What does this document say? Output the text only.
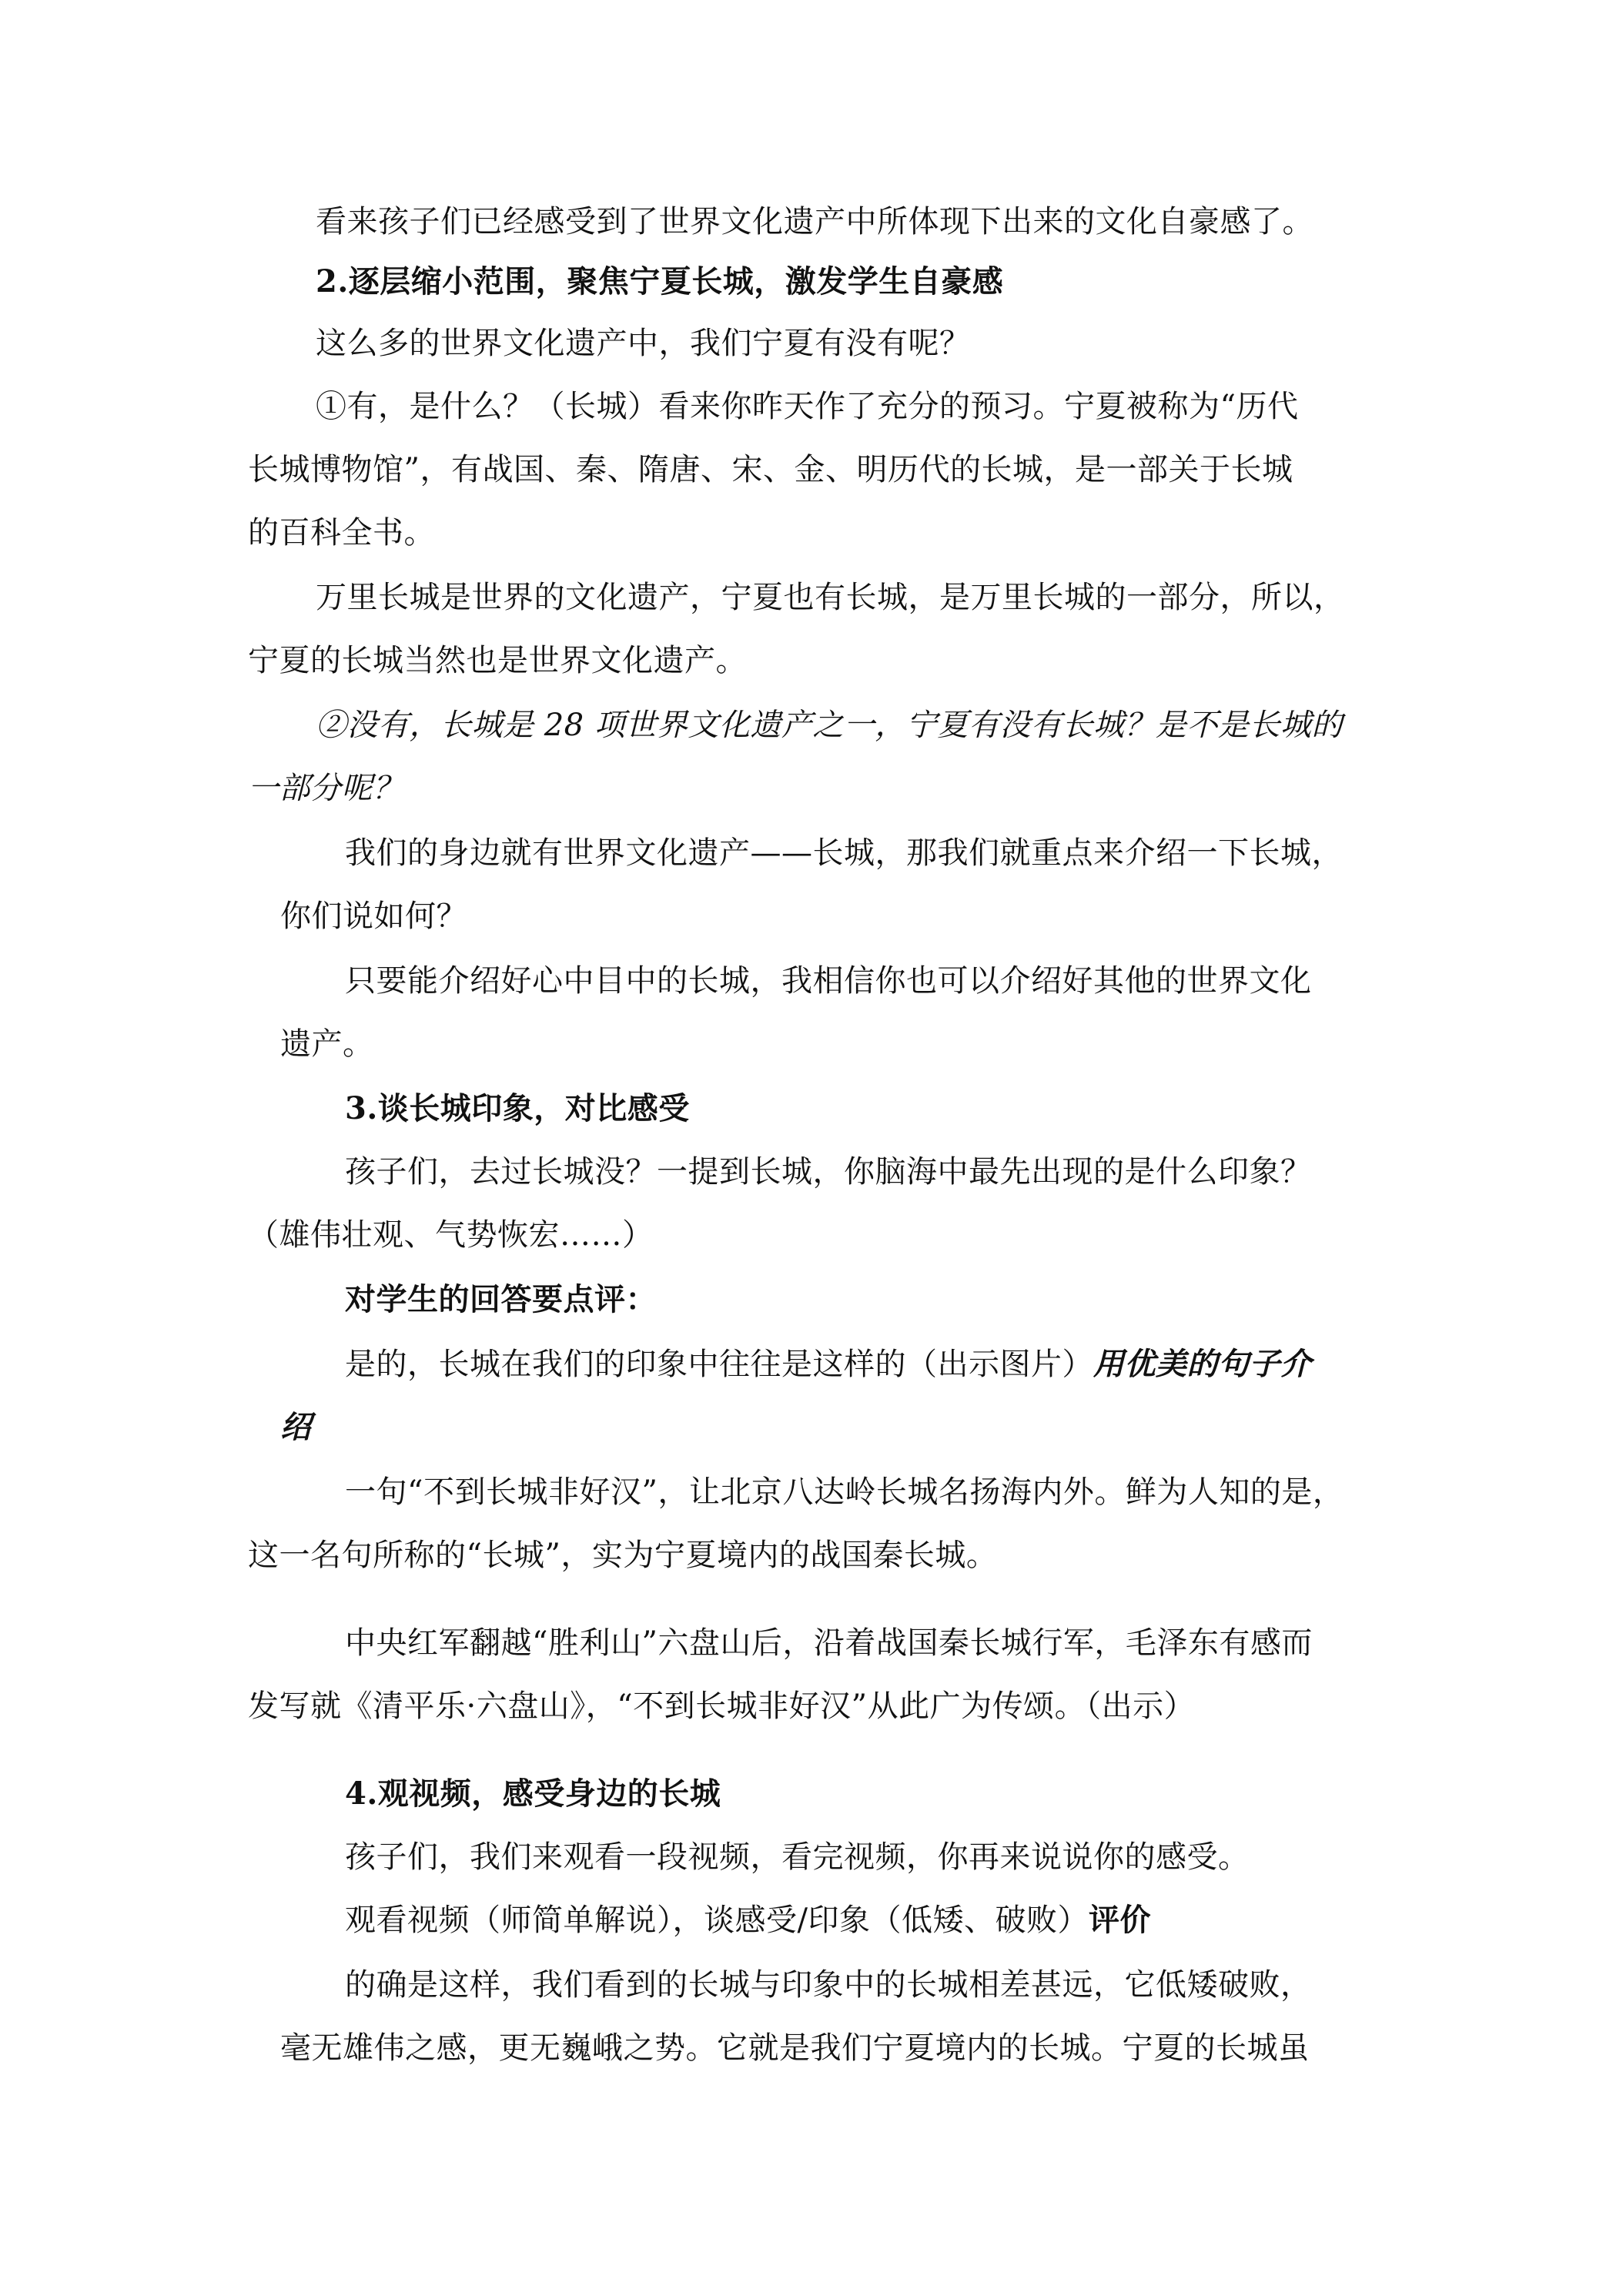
看来孩子们已经感受到了世界文化遗产中所体现下出来的文化自豪感了。
2.逐层缩小范围，聚焦宁夏长城，激发学生自豪感
这么多的世界文化遗产中，我们宁夏有没有呢？
①有，是什么？（长城）看来你昨天作了充分的预习。宁夏被称为“历代
长城博物馆”，有战国、秦、隋唐、宋、金、明历代的长城，是一部关于长城
的百科全书。
万里长城是世界的文化遗产，宁夏也有长城，是万里长城的一部分，所以，
宁夏的长城当然也是世界文化遗产。
②没有，长城是 28 项世界文化遗产之一，宁夏有没有长城？是不是长城的
一部分呢？
我们的身边就有世界文化遗产——长城，那我们就重点来介绍一下长城，
你们说如何？
只要能介绍好心中目中的长城，我相信你也可以介绍好其他的世界文化
遗产。
3.谈长城印象，对比感受
孩子们，去过长城没？一提到长城，你脑海中最先出现的是什么印象？
（雄伟壮观、气势恢宏……）
对学生的回答要点评：
是的，长城在我们的印象中往往是这样的（出示图片）用优美的句子介
绍
一句“不到长城非好汉”，让北京八达岭长城名扬海内外。鲜为人知的是，
这一名句所称的“长城”，实为宁夏境内的战国秦长城。
中央红军翻越“胜利山”六盘山后，沿着战国秦长城行军，毛泽东有感而
发写就《清平乐·六盘山》，“不到长城非好汉”从此广为传颂。（出示）
4.观视频，感受身边的长城
孩子们，我们来观看一段视频，看完视频，你再来说说你的感受。
观看视频（师简单解说），谈感受/印象（低矮、破败）评价
的确是这样，我们看到的长城与印象中的长城相差甚远，它低矮破败，
毫无雄伟之感，更无巍峨之势。它就是我们宁夏境内的长城。宁夏的长城虽
